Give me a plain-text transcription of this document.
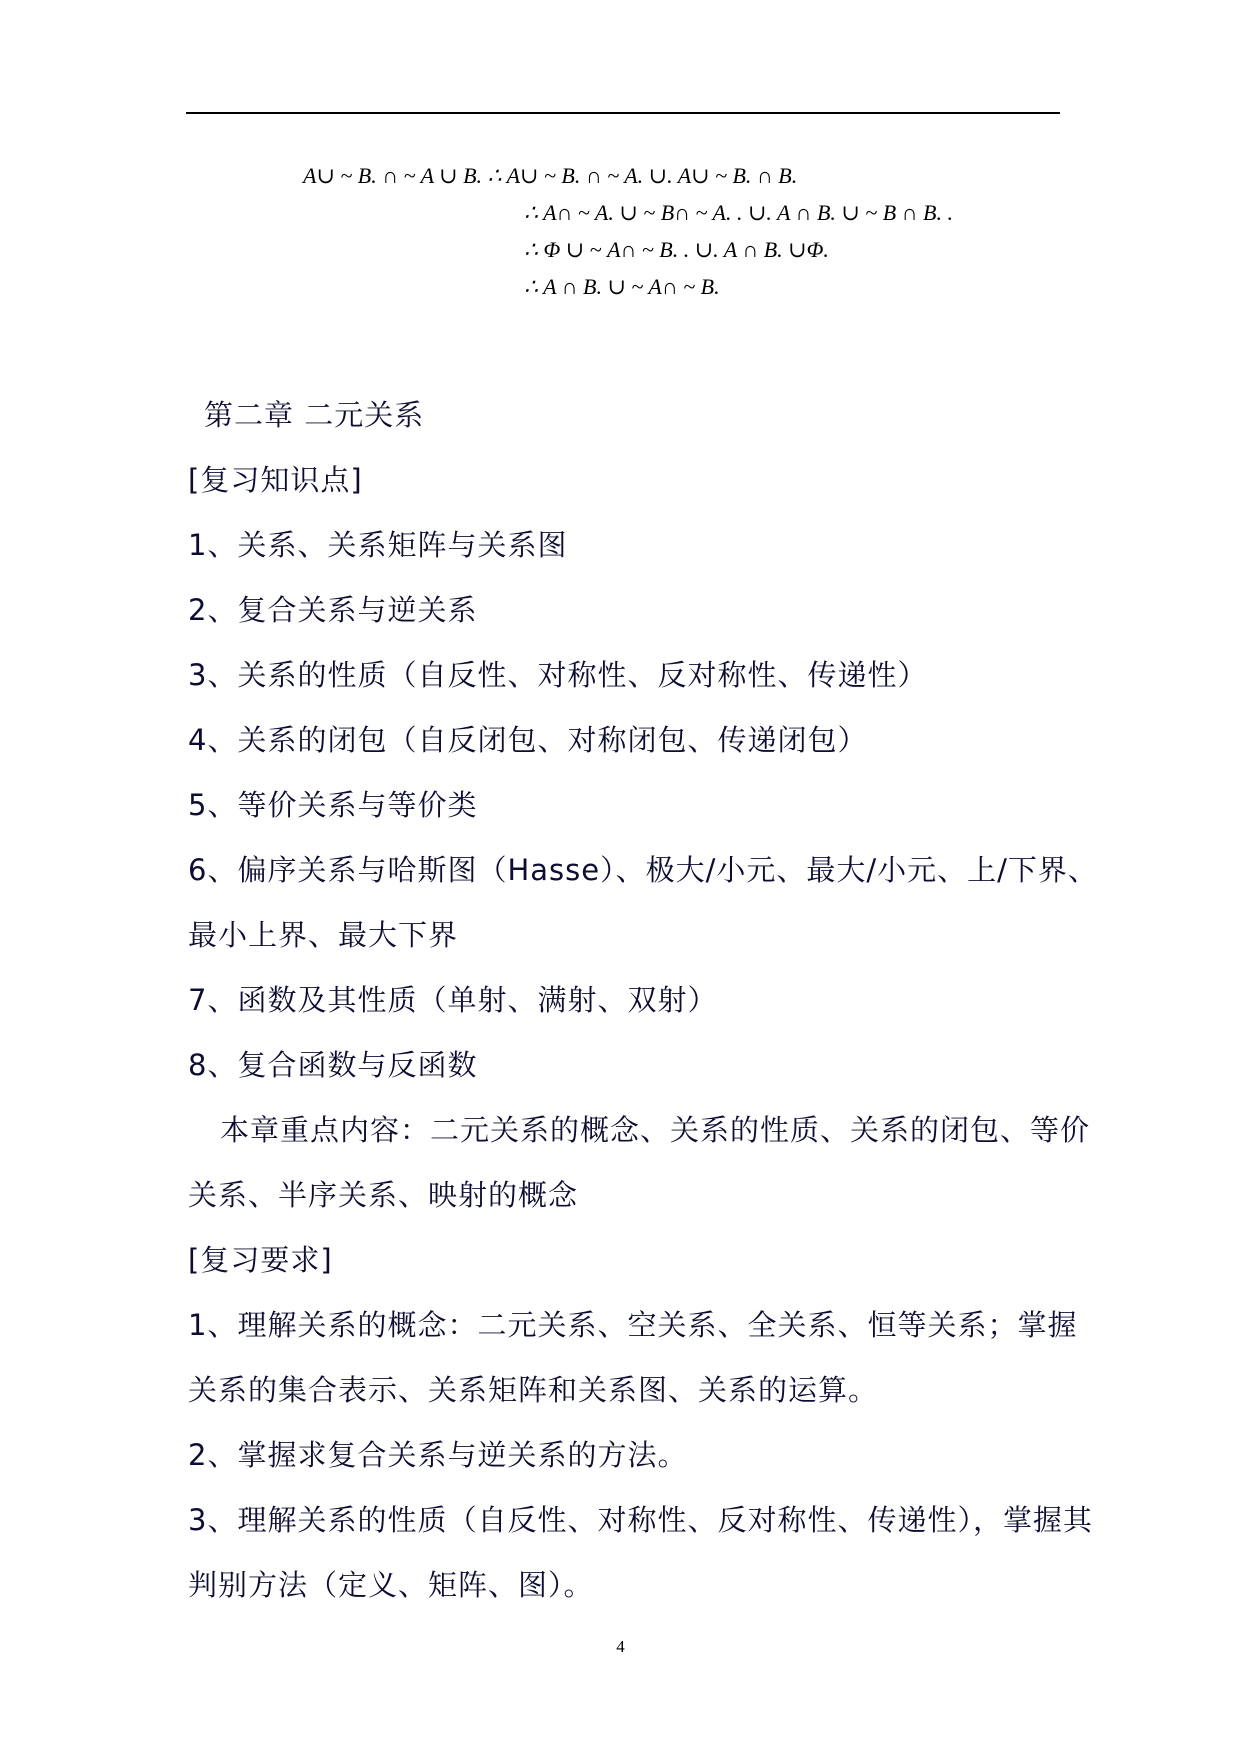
A∪ ~ B. ∩ ~ A ∪ B. ∴ A∪ ~ B. ∩ ~ A. ∪. A∪ ~ B. ∩ B.
∴ A∩ ~ A. ∪ ~ B∩ ~ A. . ∪. A ∩ B. ∪ ~ B ∩ B. .
∴ Φ ∪ ~ A∩ ~ B. . ∪. A ∩ B. ∪Φ.
∴ A ∩ B. ∪ ~ A∩ ~ B.
第二章 二元关系
[复习知识点]
1、关系、关系矩阵与关系图
2、复合关系与逆关系
3、关系的性质（自反性、对称性、反对称性、传递性）
4、关系的闭包（自反闭包、对称闭包、传递闭包）
5、等价关系与等价类
6、偏序关系与哈斯图（Hasse）、极大/小元、最大/小元、上/下界、
最小上界、最大下界
7、函数及其性质（单射、满射、双射）
8、复合函数与反函数
本章重点内容：二元关系的概念、关系的性质、关系的闭包、等价
关系、半序关系、映射的概念
[复习要求]
1、理解关系的概念：二元关系、空关系、全关系、恒等关系；掌握
关系的集合表示、关系矩阵和关系图、关系的运算。
2、掌握求复合关系与逆关系的方法。
3、理解关系的性质（自反性、对称性、反对称性、传递性），掌握其
判别方法（定义、矩阵、图）。
4
